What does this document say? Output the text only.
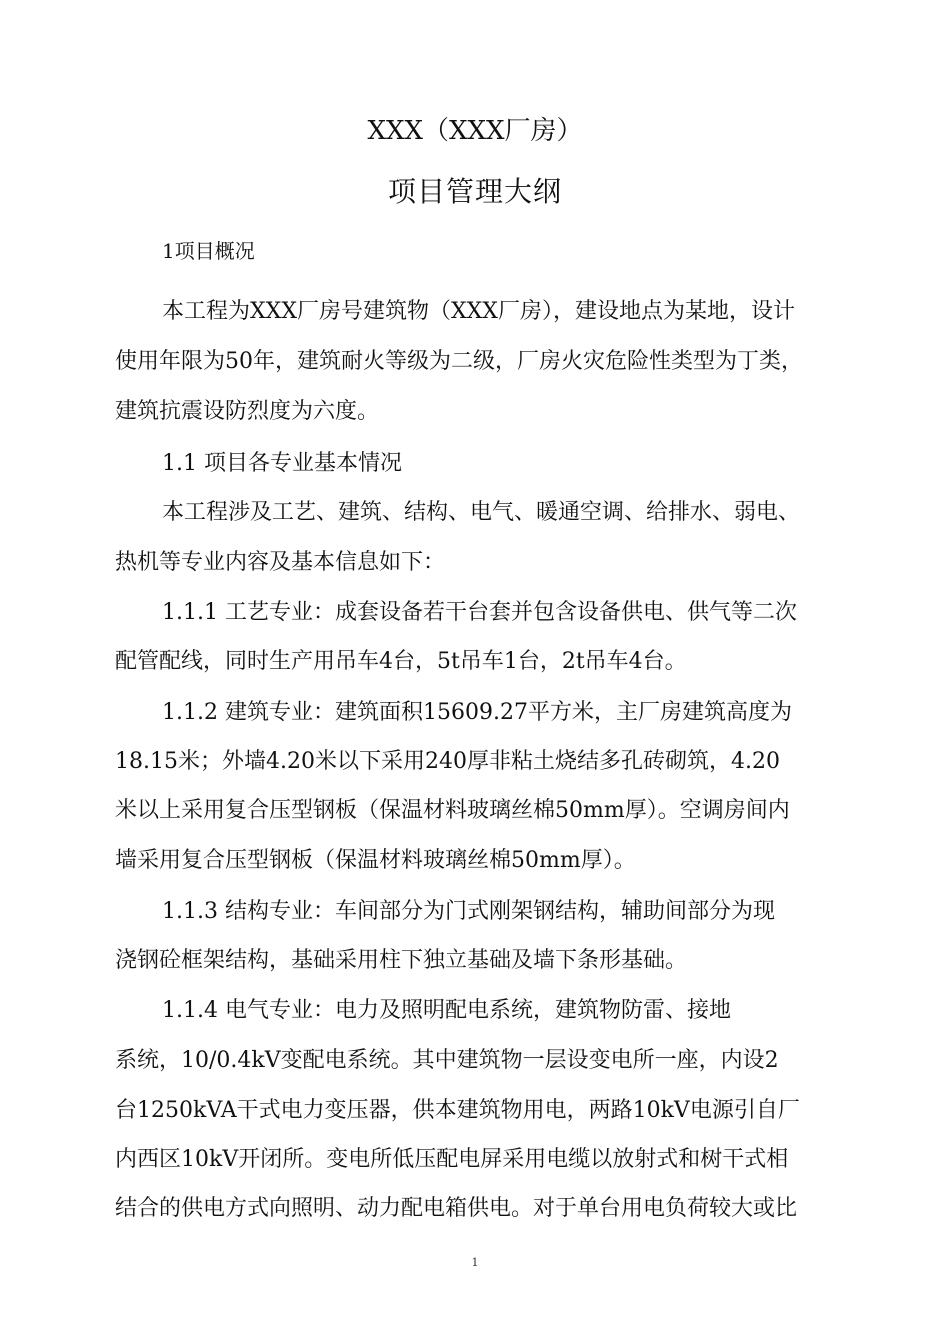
XXX（XXX厂房）
项目管理大纲
1项目概况
本工程为XXX厂房号建筑物（XXX厂房），建设地点为某地，设计
使用年限为50年，建筑耐火等级为二级，厂房火灾危险性类型为丁类，
建筑抗震设防烈度为六度。
1.1 项目各专业基本情况
本工程涉及工艺、建筑、结构、电气、暖通空调、给排水、弱电、
热机等专业内容及基本信息如下：
1.1.1 工艺专业：成套设备若干台套并包含设备供电、供气等二次
配管配线，同时生产用吊车4台，5t吊车1台，2t吊车4台。
1.1.2 建筑专业：建筑面积15609.27平方米，主厂房建筑高度为
18.15米；外墙4.20米以下采用240厚非粘土烧结多孔砖砌筑，4.20
米以上采用复合压型钢板（保温材料玻璃丝棉50mm厚）。空调房间内
墙采用复合压型钢板（保温材料玻璃丝棉50mm厚）。
1.1.3 结构专业：车间部分为门式刚架钢结构，辅助间部分为现
浇钢砼框架结构，基础采用柱下独立基础及墙下条形基础。
1.1.4 电气专业：电力及照明配电系统，建筑物防雷、接地
系统，10/0.4kV变配电系统。其中建筑物一层设变电所一座，内设2
台1250kVA干式电力变压器，供本建筑物用电，两路10kV电源引自厂
内西区10kV开闭所。变电所低压配电屏采用电缆以放射式和树干式相
结合的供电方式向照明、动力配电箱供电。对于单台用电负荷较大或比
1
